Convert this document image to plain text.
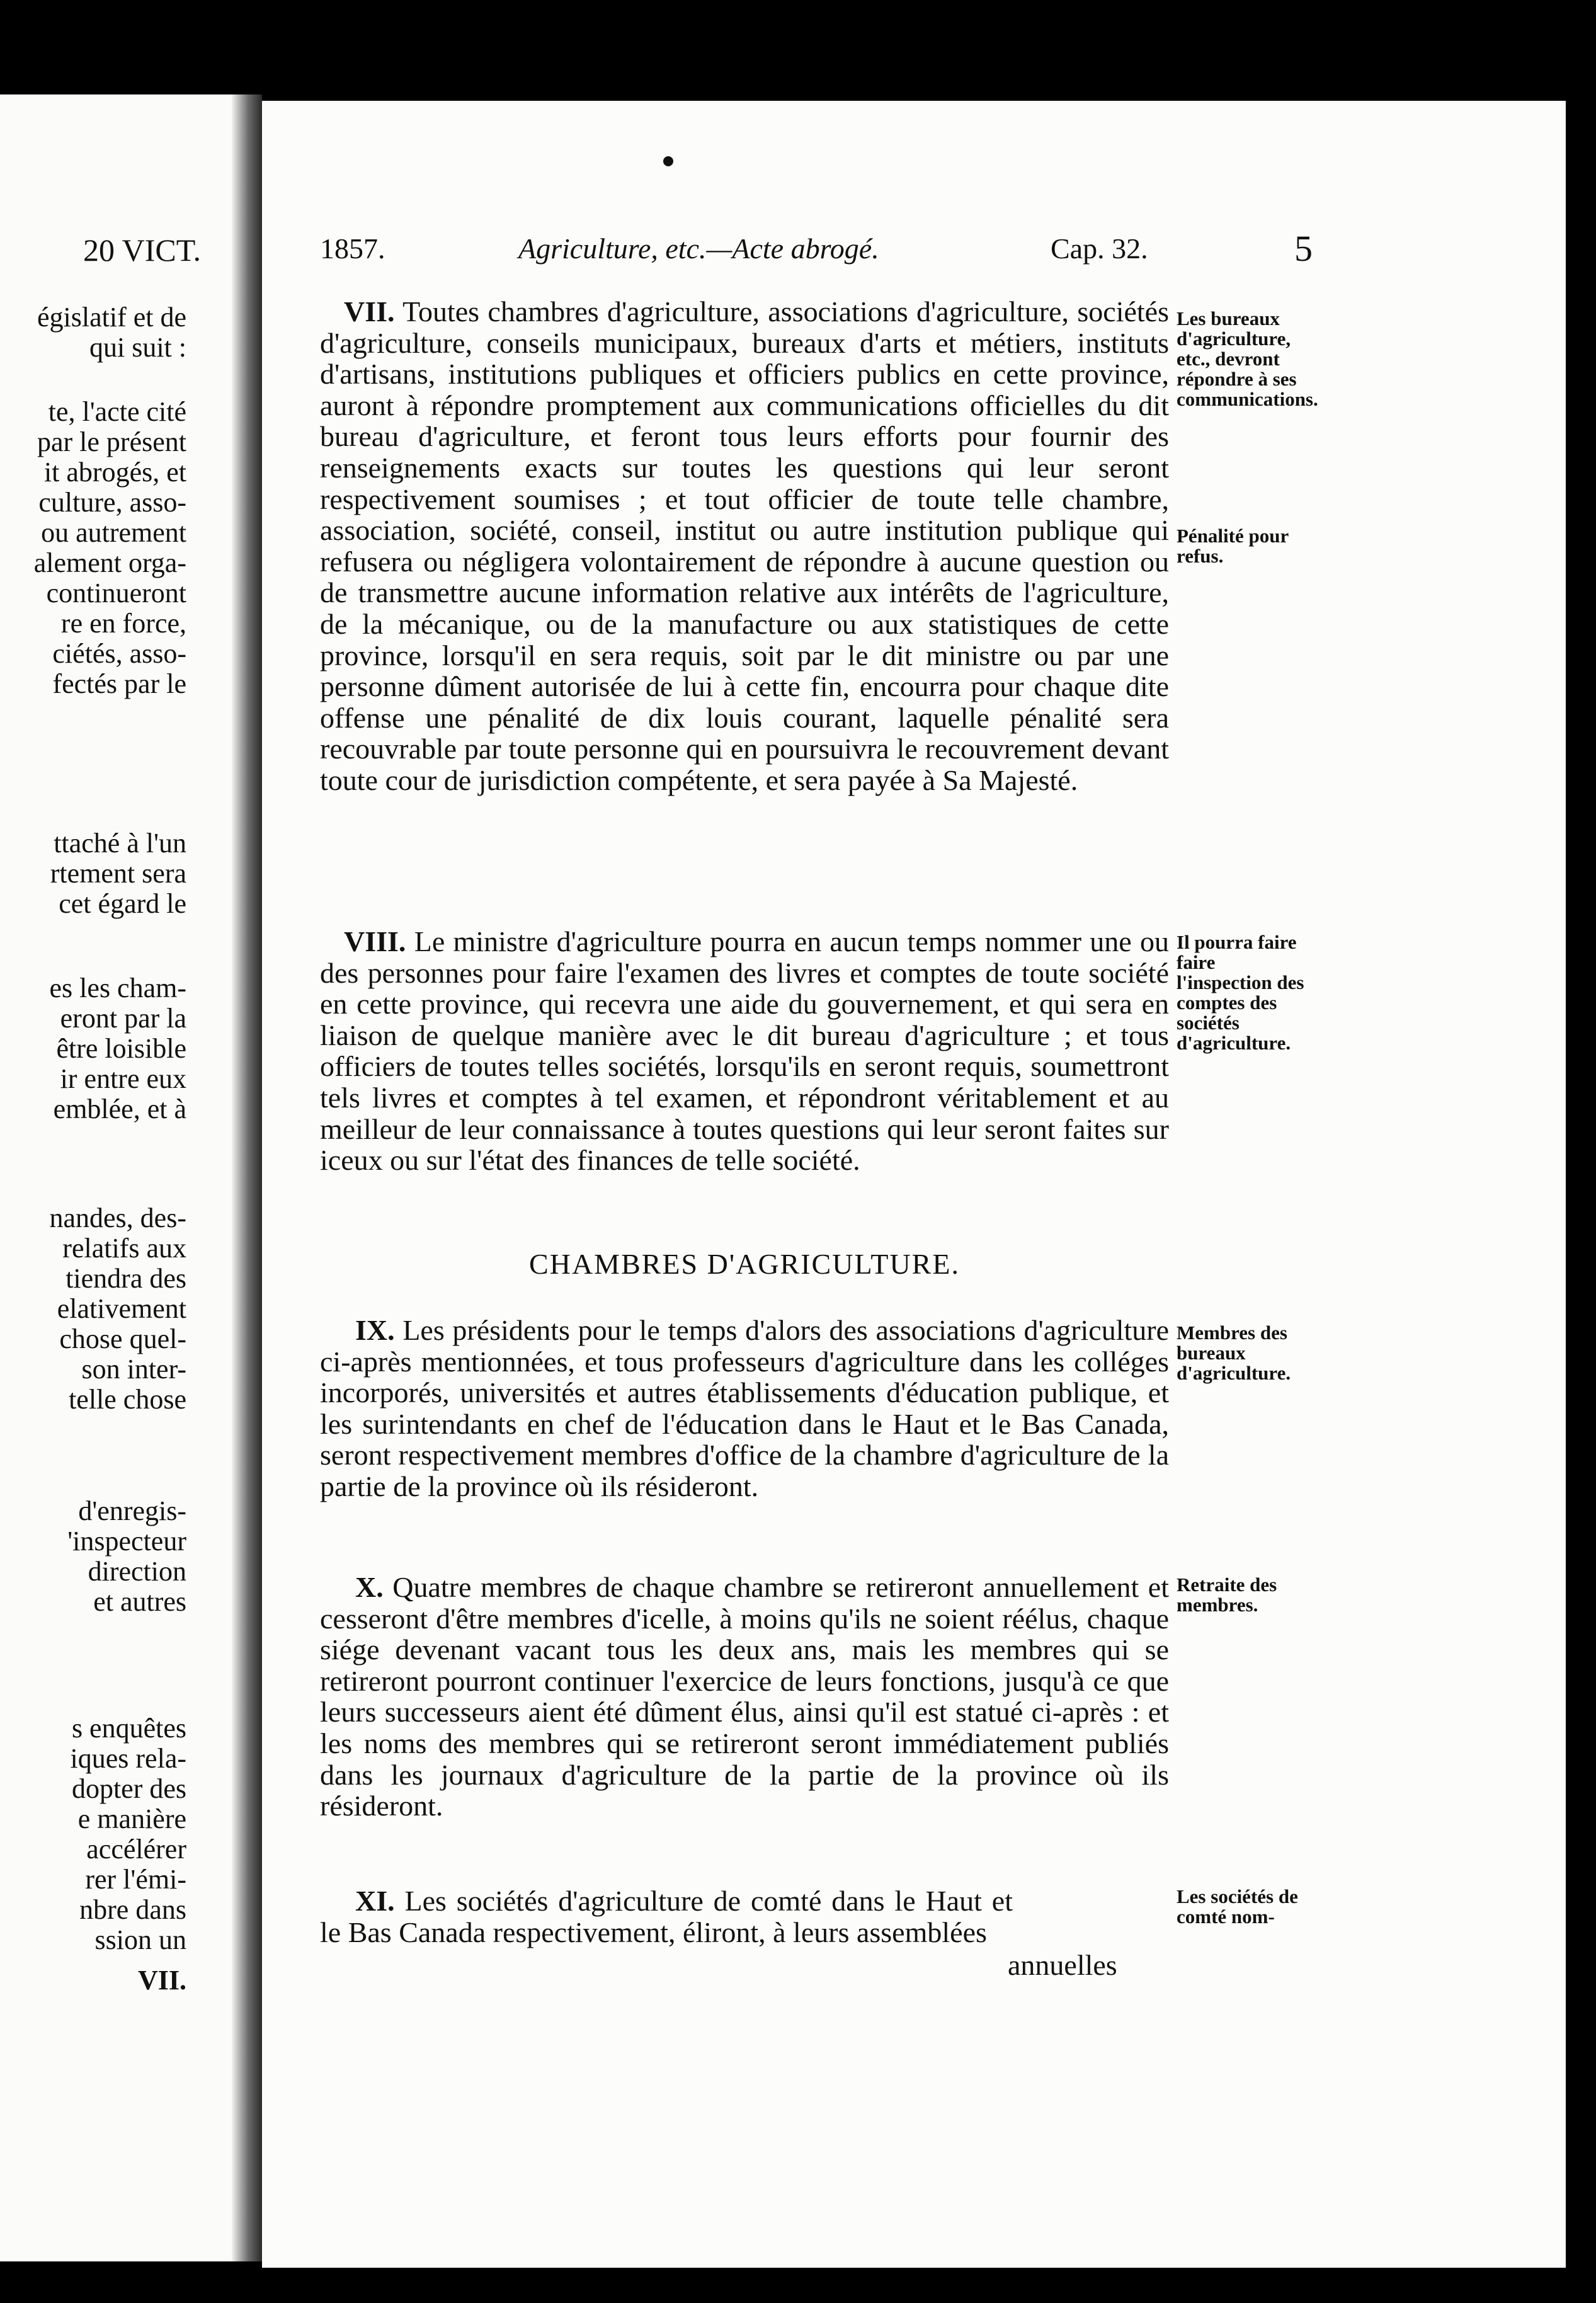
20 VICT.
égislatif et de
qui suit :
te, l'acte cité
par le présent
it abrogés, et
culture, asso-
ou autrement
alement orga-
continueront
re en force,
ciétés, asso-
fectés par le
ttaché à l'un
rtement sera
cet égard le
es les cham-
eront par la
être loisible
ir entre eux
emblée, et à
nandes, des-
relatifs aux
tiendra des
elativement
chose quel-
son inter-
telle chose
d'enregis-
'inspecteur
direction
et autres
s enquêtes
iques rela-
dopter des
e manière
accélérer
rer l'émi-
nbre dans
ssion un
VII.
1857.	Agriculture, etc.—Acte abrogé.	Cap. 32.	5
VII. Toutes chambres d'agriculture, associations d'agriculture, sociétés d'agriculture, conseils municipaux, bureaux d'arts et métiers, instituts d'artisans, institutions publiques et officiers publics en cette province, auront à répondre promptement aux communications officielles du dit bureau d'agriculture, et feront tous leurs efforts pour fournir des renseignements exacts sur toutes les questions qui leur seront respectivement soumises ; et tout officier de toute telle chambre, association, société, conseil, institut ou autre institution publique qui refusera ou négligera volontairement de répondre à aucune question ou de transmettre aucune information relative aux intérêts de l'agriculture, de la mécanique, ou de la manufacture ou aux statistiques de cette province, lorsqu'il en sera requis, soit par le dit ministre ou par une personne dûment autorisée de lui à cette fin, encourra pour chaque dite offense une pénalité de dix louis courant, laquelle pénalité sera recouvrable par toute personne qui en poursuivra le recouvrement devant toute cour de jurisdiction compétente, et sera payée à Sa Majesté.
VIII. Le ministre d'agriculture pourra en aucun temps nommer une ou des personnes pour faire l'examen des livres et comptes de toute société en cette province, qui recevra une aide du gouvernement, et qui sera en liaison de quelque manière avec le dit bureau d'agriculture ; et tous officiers de toutes telles sociétés, lorsqu'ils en seront requis, soumettront tels livres et comptes à tel examen, et répondront véritablement et au meilleur de leur connaissance à toutes questions qui leur seront faites sur iceux ou sur l'état des finances de telle société.
CHAMBRES D'AGRICULTURE.
IX. Les présidents pour le temps d'alors des associations d'agriculture ci-après mentionnées, et tous professeurs d'agriculture dans les colléges incorporés, universités et autres établissements d'éducation publique, et les surintendants en chef de l'éducation dans le Haut et le Bas Canada, seront respectivement membres d'office de la chambre d'agriculture de la partie de la province où ils résideront.
X. Quatre membres de chaque chambre se retireront annuellement et cesseront d'être membres d'icelle, à moins qu'ils ne soient réélus, chaque siége devenant vacant tous les deux ans, mais les membres qui se retireront pourront continuer l'exercice de leurs fonctions, jusqu'à ce que leurs successeurs aient été dûment élus, ainsi qu'il est statué ci-après : et les noms des membres qui se retireront seront immédiatement publiés dans les journaux d'agriculture de la partie de la province où ils résideront.
XI. Les sociétés d'agriculture de comté dans le Haut et le Bas Canada respectivement, éliront, à leurs assemblées
annuelles
Les bureaux d'agriculture, etc., devront répondre à ses communications.
Pénalité pour refus.
Il pourra faire faire l'inspection des comptes des sociétés d'agriculture.
Membres des bureaux d'agriculture.
Retraite des membres.
Les sociétés de comté nom-
